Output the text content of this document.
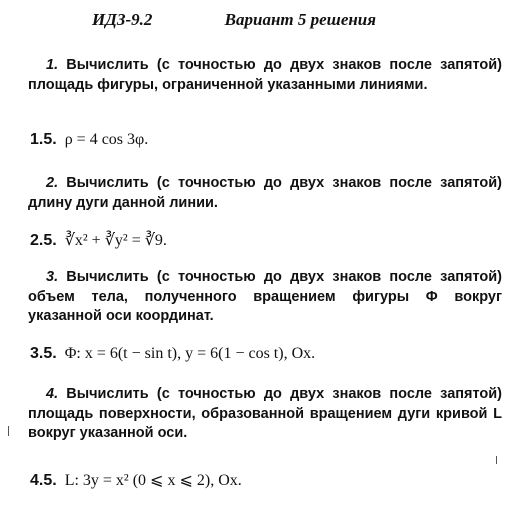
ИДЗ-9.2	Вариант 5 решения
1. Вычислить (с точностью до двух знаков после запятой) площадь фигуры, ограниченной указанными линиями.
1.5. ρ = 4 cos 3φ.
2. Вычислить (с точностью до двух знаков после запятой) длину дуги данной линии.
2.5. ∛x² + ∛y² = ∛9.
3. Вычислить (с точностью до двух знаков после запятой) объем тела, полученного вращением фигуры Φ вокруг указанной оси координат.
3.5. Φ: x = 6(t − sin t), y = 6(1 − cos t), Ox.
4. Вычислить (с точностью до двух знаков после запятой) площадь поверхности, образованной вращением дуги кривой L вокруг указанной оси.
4.5. L: 3y = x² (0 ⩽ x ⩽ 2), Ox.
